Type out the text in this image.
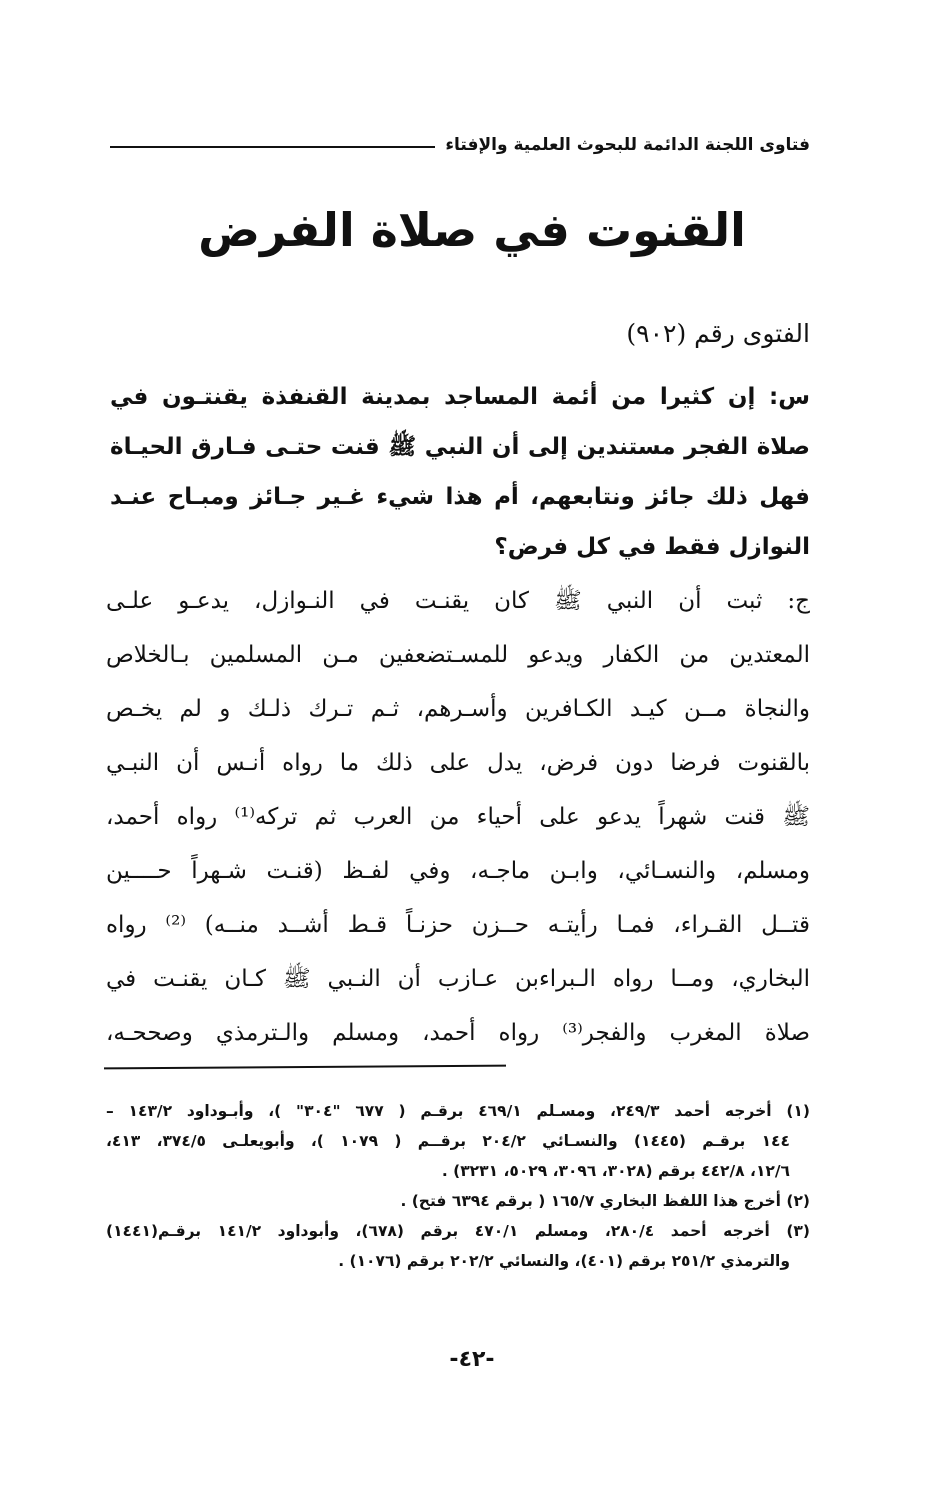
فتاوى اللجنة الدائمة للبحوث العلمية والإفتاء
القنوت في صلاة الفرض
الفتوى رقم (٩٠٢)
س: إن كثيرا من أئمة المساجد بمدينة القنفذة يقنتـون في
صلاة الفجر مستندين إلى أن النبي ﷺ قنت حتـى فـارق الحيـاة
فهل ذلك جائز ونتابعهم، أم هذا شيء غـير جـائز ومبـاح عنـد
النوازل فقط في كل فرض؟
ج: ثبت أن النبي ﷺ كان يقنـت في النـوازل، يدعـو علـى
المعتدين من الكفار ويدعو للمسـتضعفين مـن المسلمين بـالخلاص
والنجاة مــن كيـد الكـافرين وأسـرهم، ثـم تـرك ذلـك و لم يخـص
بالقنوت فرضا دون فرض، يدل على ذلك ما رواه أنـس أن النبـي
ﷺ قنت شهراً يدعو على أحياء من العرب ثم تركه⁽¹⁾ رواه أحمد،
ومسلم، والنسـائي، وابـن ماجـه، وفي لفـظ (قنـت شـهراً حــــين
قتــل القـراء، فمـا رأيتـه حــزن حزنـاً قـط أشــد منــه) ⁽²⁾ رواه
البخاري، ومــا رواه الـبراءبن عـازب أن النـبي ﷺ كـان يقنـت في
صلاة المغرب والفجر⁽³⁾ رواه أحمد، ومسلم والـترمذي وصححـه،
(١) أخرجه أحمد ٢٤٩/٣، ومسـلم ٤٦٩/١ برقـم ( ٦٧٧ "٣٠٤" )، وأبـوداود ١٤٣/٢ –
١٤٤ برقـم (١٤٤٥) والنسـائي ٢٠٤/٢ برقــم ( ١٠٧٩ )، وأبويعلـى ٣٧٤/٥، ٤١٣،
١٢/٦، ٤٤٢/٨ برقم (٣٠٢٨، ٣٠٩٦، ٥٠٢٩، ٣٢٣١) .
(٢) أخرج هذا اللفظ البخاري ١٦٥/٧ ( برقم ٦٣٩٤ فتح) .
(٣) أخرجه أحمد ٢٨٠/٤، ومسلم ٤٧٠/١ برقم (٦٧٨)، وأبوداود ١٤١/٢ برقـم(١٤٤١)
والترمذي ٢٥١/٢ برقم (٤٠١)، والنسائي ٢٠٢/٢ برقم (١٠٧٦) .
-٤٢-
